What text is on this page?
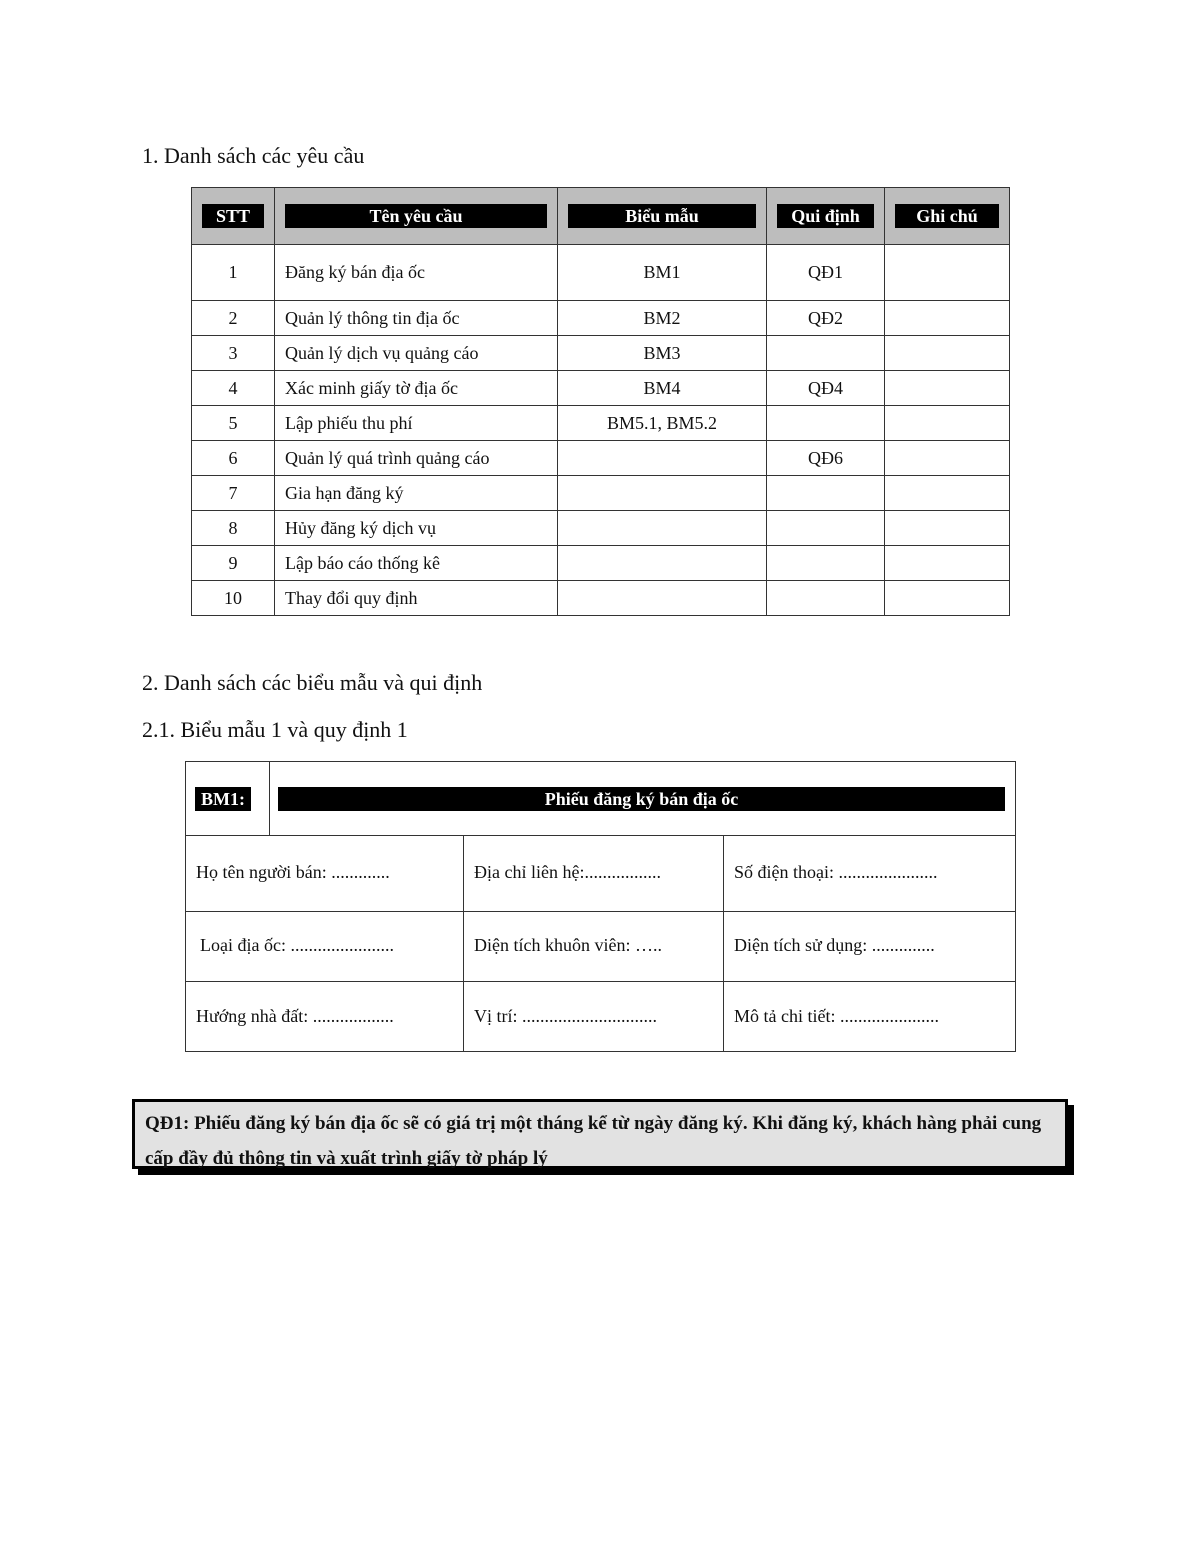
1. Danh sách các yêu cầu
STT	Tên yêu cầu	Biểu mẫu	Qui định	Ghi chú

1	Đăng ký bán địa ốc	BM1	QĐ1	
2	Quản lý thông tin địa ốc	BM2	QĐ2	
3	Quản lý dịch vụ quảng cáo	BM3		
4	Xác minh giấy tờ địa ốc	BM4	QĐ4	
5	Lập phiếu thu phí	BM5.1, BM5.2		
6	Quản lý quá trình quảng cáo		QĐ6	
7	Gia hạn đăng ký			
8	Hủy đăng ký dịch vụ			
9	Lập báo cáo thống kê			
10	Thay đổi quy định			
2. Danh sách các biểu mẫu và qui định
2.1. Biểu mẫu 1 và quy định 1
BM1:	Phiếu đăng ký bán địa ốc
Họ tên người bán: .............	Địa chỉ liên hệ:.................	Số điện thoại: ......................
Loại địa ốc: .......................	Diện tích khuôn viên: …..	Diện tích sử dụng: ..............
Hướng nhà đất: ..................	Vị trí: ..............................	Mô tả chi tiết: ......................
QĐ1: Phiếu đăng ký bán địa ốc sẽ có giá trị một tháng kể từ ngày đăng ký. Khi đăng ký, khách hàng phải cung cấp đầy đủ thông tin và xuất trình giấy tờ pháp lý
